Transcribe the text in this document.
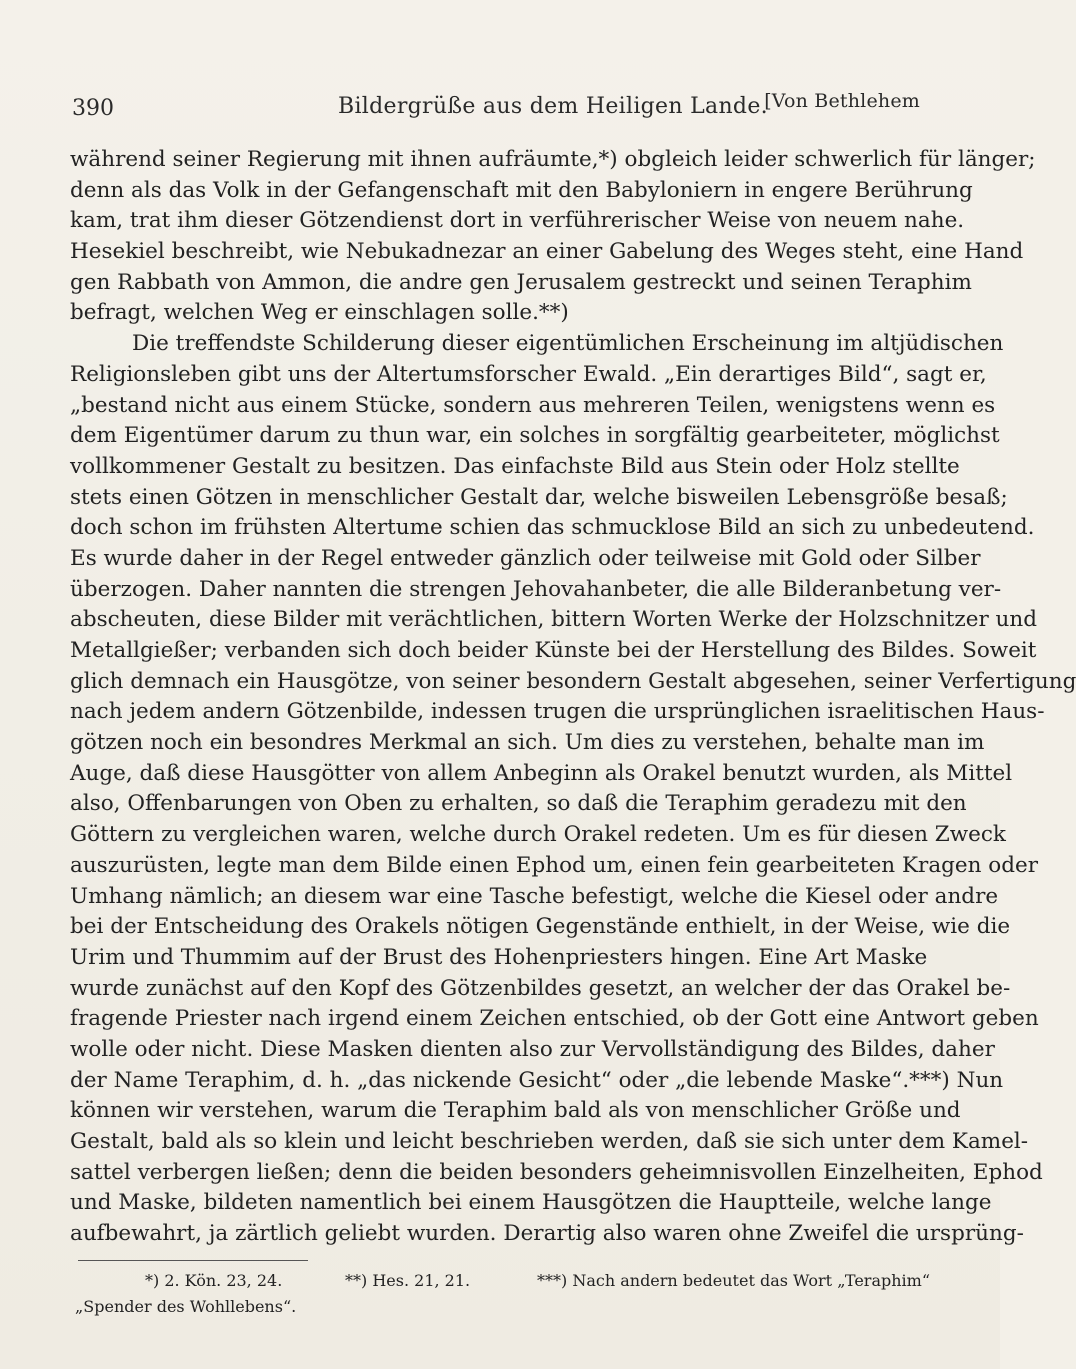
390	Bildergrüße aus dem Heiligen Lande.
[Von Bethlehem
während seiner Regierung mit ihnen aufräumte,*) obgleich leider schwerlich für länger;
denn als das Volk in der Gefangenschaft mit den Babyloniern in engere Berührung
kam, trat ihm dieser Götzendienst dort in verführerischer Weise von neuem nahe.
Hesekiel beschreibt, wie Nebukadnezar an einer Gabelung des Weges steht, eine Hand
gen Rabbath von Ammon, die andre gen Jerusalem gestreckt und seinen Teraphim
befragt, welchen Weg er einschlagen solle.**)
Die treffendste Schilderung dieser eigentümlichen Erscheinung im altjüdischen
Religionsleben gibt uns der Altertumsforscher Ewald. „Ein derartiges Bild“, sagt er,
„bestand nicht aus einem Stücke, sondern aus mehreren Teilen, wenigstens wenn es
dem Eigentümer darum zu thun war, ein solches in sorgfältig gearbeiteter, möglichst
vollkommener Gestalt zu besitzen. Das einfachste Bild aus Stein oder Holz stellte
stets einen Götzen in menschlicher Gestalt dar, welche bisweilen Lebensgröße besaß;
doch schon im frühsten Altertume schien das schmucklose Bild an sich zu unbedeutend.
Es wurde daher in der Regel entweder gänzlich oder teilweise mit Gold oder Silber
überzogen. Daher nannten die strengen Jehovahanbeter, die alle Bilderanbetung ver-
abscheuten, diese Bilder mit verächtlichen, bittern Worten Werke der Holzschnitzer und
Metallgießer; verbanden sich doch beider Künste bei der Herstellung des Bildes. Soweit
glich demnach ein Hausgötze, von seiner besondern Gestalt abgesehen, seiner Verfertigung
nach jedem andern Götzenbilde, indessen trugen die ursprünglichen israelitischen Haus-
götzen noch ein besondres Merkmal an sich. Um dies zu verstehen, behalte man im
Auge, daß diese Hausgötter von allem Anbeginn als Orakel benutzt wurden, als Mittel
also, Offenbarungen von Oben zu erhalten, so daß die Teraphim geradezu mit den
Göttern zu vergleichen waren, welche durch Orakel redeten. Um es für diesen Zweck
auszurüsten, legte man dem Bilde einen Ephod um, einen fein gearbeiteten Kragen oder
Umhang nämlich; an diesem war eine Tasche befestigt, welche die Kiesel oder andre
bei der Entscheidung des Orakels nötigen Gegenstände enthielt, in der Weise, wie die
Urim und Thummim auf der Brust des Hohenpriesters hingen. Eine Art Maske
wurde zunächst auf den Kopf des Götzenbildes gesetzt, an welcher der das Orakel be-
fragende Priester nach irgend einem Zeichen entschied, ob der Gott eine Antwort geben
wolle oder nicht. Diese Masken dienten also zur Vervollständigung des Bildes, daher
der Name Teraphim, d. h. „das nickende Gesicht“ oder „die lebende Maske“.***) Nun
können wir verstehen, warum die Teraphim bald als von menschlicher Größe und
Gestalt, bald als so klein und leicht beschrieben werden, daß sie sich unter dem Kamel-
sattel verbergen ließen; denn die beiden besonders geheimnisvollen Einzelheiten, Ephod
und Maske, bildeten namentlich bei einem Hausgötzen die Hauptteile, welche lange
aufbewahrt, ja zärtlich geliebt wurden. Derartig also waren ohne Zweifel die ursprüng-
*) 2. Kön. 23, 24.	**) Hes. 21, 21.	***) Nach andern bedeutet das Wort „Teraphim“
„Spender des Wohllebens“.
